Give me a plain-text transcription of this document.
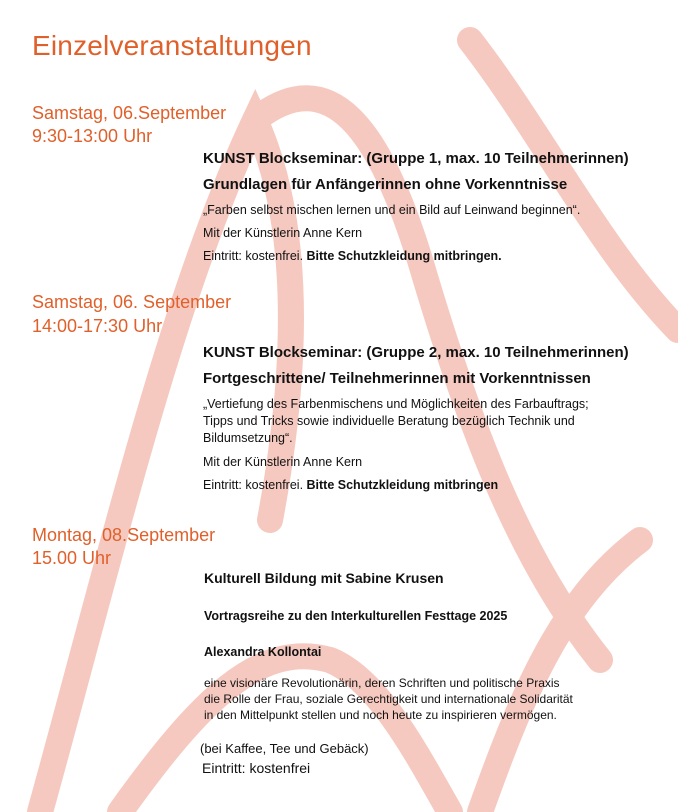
Einzelveranstaltungen
Samstag, 06.September
9:30-13:00 Uhr
KUNST Blockseminar: (Gruppe 1, max. 10 Teilnehmerinnen)
Grundlagen für Anfängerinnen ohne Vorkenntnisse
„Farben selbst mischen lernen und ein Bild auf Leinwand beginnen“.
Mit der Künstlerin Anne Kern
Eintritt: kostenfrei. Bitte Schutzkleidung mitbringen.
Samstag, 06. September
14:00-17:30 Uhr
KUNST Blockseminar: (Gruppe 2, max. 10 Teilnehmerinnen)
Fortgeschrittene/ Teilnehmerinnen mit Vorkenntnissen
„Vertiefung des Farbenmischens und Möglichkeiten des Farbauftrags;
Tipps und Tricks sowie individuelle Beratung bezüglich Technik und
Bildumsetzung“.
Mit der Künstlerin Anne Kern
Eintritt: kostenfrei. Bitte Schutzkleidung mitbringen
Montag, 08.September
15.00 Uhr
Kulturell Bildung mit Sabine Krusen
Vortragsreihe zu den Interkulturellen Festtage 2025
Alexandra Kollontai
eine visionäre Revolutionärin, deren Schriften und politische Praxis
die Rolle der Frau, soziale Gerechtigkeit und internationale Solidarität
in den Mittelpunkt stellen und noch heute zu inspirieren vermögen.
(bei Kaffee, Tee und Gebäck)
Eintritt: kostenfrei
